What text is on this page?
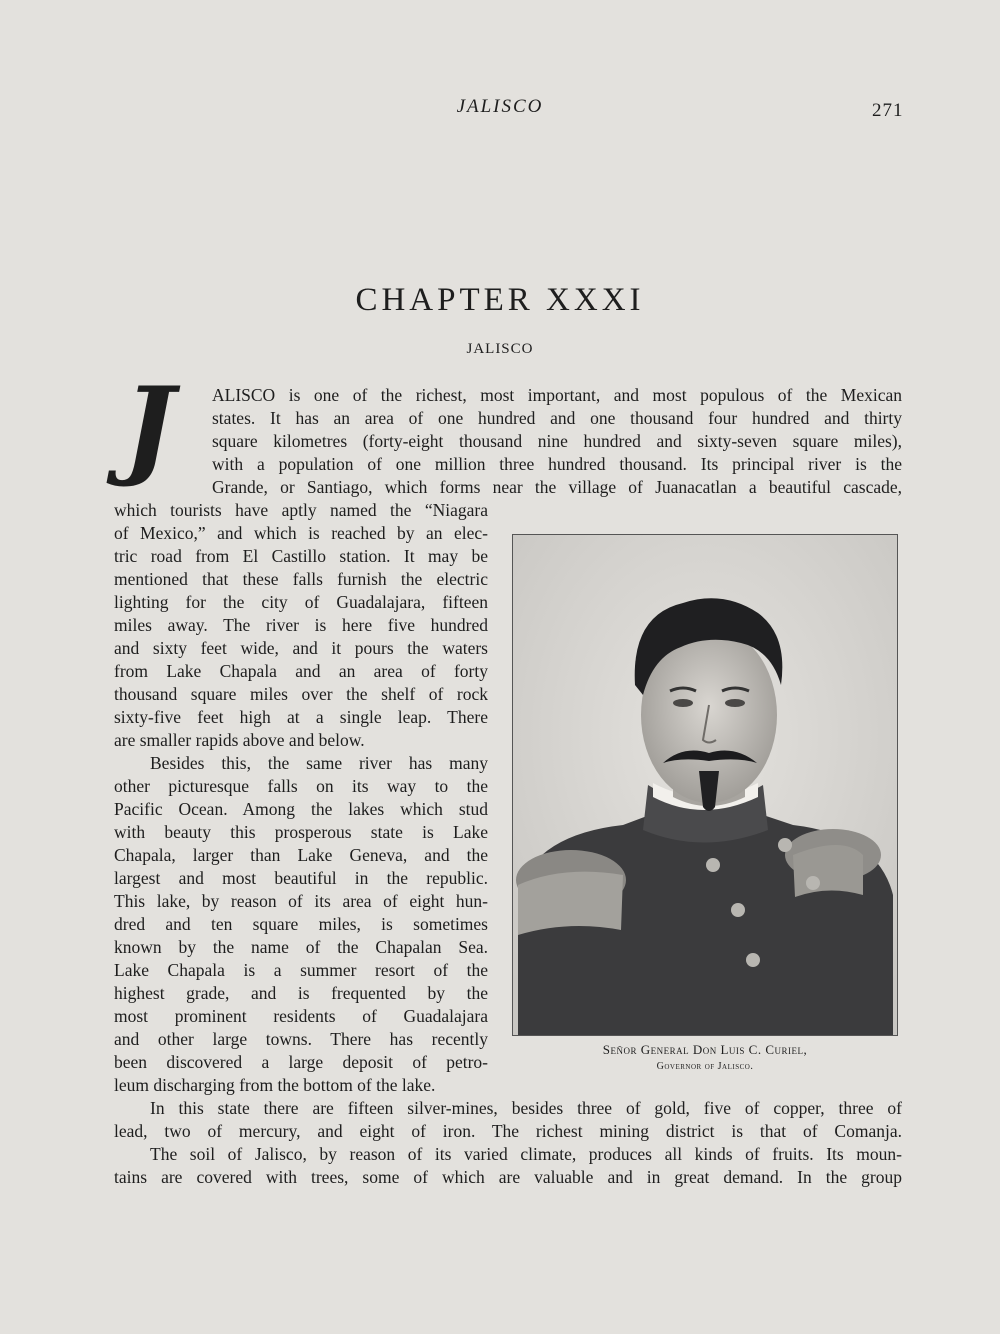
JALISCO	271
CHAPTER XXXI
JALISCO
J	ALISCO is one of the richest, most important, and most populous of the Mexican
states. It has an area of one hundred and one thousand four hundred and thirty
square kilometres (forty-eight thousand nine hundred and sixty-seven square miles),
with a population of one million three hundred thousand. Its principal river is the
Grande, or Santiago, which forms near the village of Juanacatlan a beautiful cascade,
which tourists have aptly named the “Niagara
of Mexico,” and which is reached by an elec-
tric road from El Castillo station. It may be
mentioned that these falls furnish the electric
lighting for the city of Guadalajara, fifteen
miles away. The river is here five hundred
and sixty feet wide, and it pours the waters
from Lake Chapala and an area of forty
thousand square miles over the shelf of rock
sixty-five feet high at a single leap. There
are smaller rapids above and below.
Besides this, the same river has many
other picturesque falls on its way to the
Pacific Ocean. Among the lakes which stud
with beauty this prosperous state is Lake
Chapala, larger than Lake Geneva, and the
largest and most beautiful in the republic.
This lake, by reason of its area of eight hun-
dred and ten square miles, is sometimes
known by the name of the Chapalan Sea.
Lake Chapala is a summer resort of the
highest grade, and is frequented by the
most prominent residents of Guadalajara
and other large towns. There has recently
been discovered a large deposit of petro-
leum discharging from the bottom of the lake.
In this state there are fifteen silver-mines, besides three of gold, five of copper, three of
lead, two of mercury, and eight of iron. The richest mining district is that of Comanja.
The soil of Jalisco, by reason of its varied climate, produces all kinds of fruits. Its moun-
tains are covered with trees, some of which are valuable and in great demand. In the group
Señor General Don Luis C. Curiel,
Governor of Jalisco.
